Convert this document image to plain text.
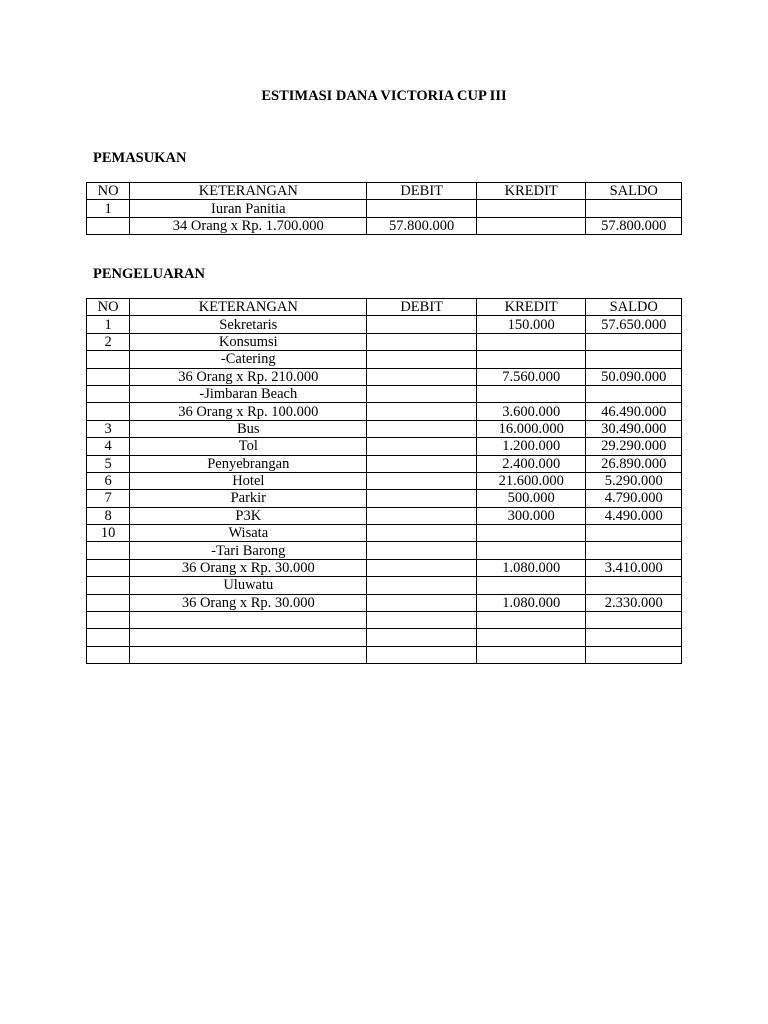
ESTIMASI DANA VICTORIA CUP III
PEMASUKAN
NO	KETERANGAN	DEBIT	KREDIT	SALDO
1	Iuran Panitia			
	34 Orang x Rp. 1.700.000	57.800.000		57.800.000
PENGELUARAN
NO	KETERANGAN	DEBIT	KREDIT	SALDO
1	Sekretaris		150.000	57.650.000
2	Konsumsi			
	-Catering			
	36 Orang x Rp. 210.000		7.560.000	50.090.000
	-Jimbaran Beach			
	36 Orang x Rp. 100.000		3.600.000	46.490.000
3	Bus		16.000.000	30.490.000
4	Tol		1.200.000	29.290.000
5	Penyebrangan		2.400.000	26.890.000
6	Hotel		21.600.000	5.290.000
7	Parkir		500.000	4.790.000
8	P3K		300.000	4.490.000
10	Wisata			
	-Tari Barong			
	36 Orang x Rp. 30.000		1.080.000	3.410.000
	Uluwatu			
	36 Orang x Rp. 30.000		1.080.000	2.330.000
